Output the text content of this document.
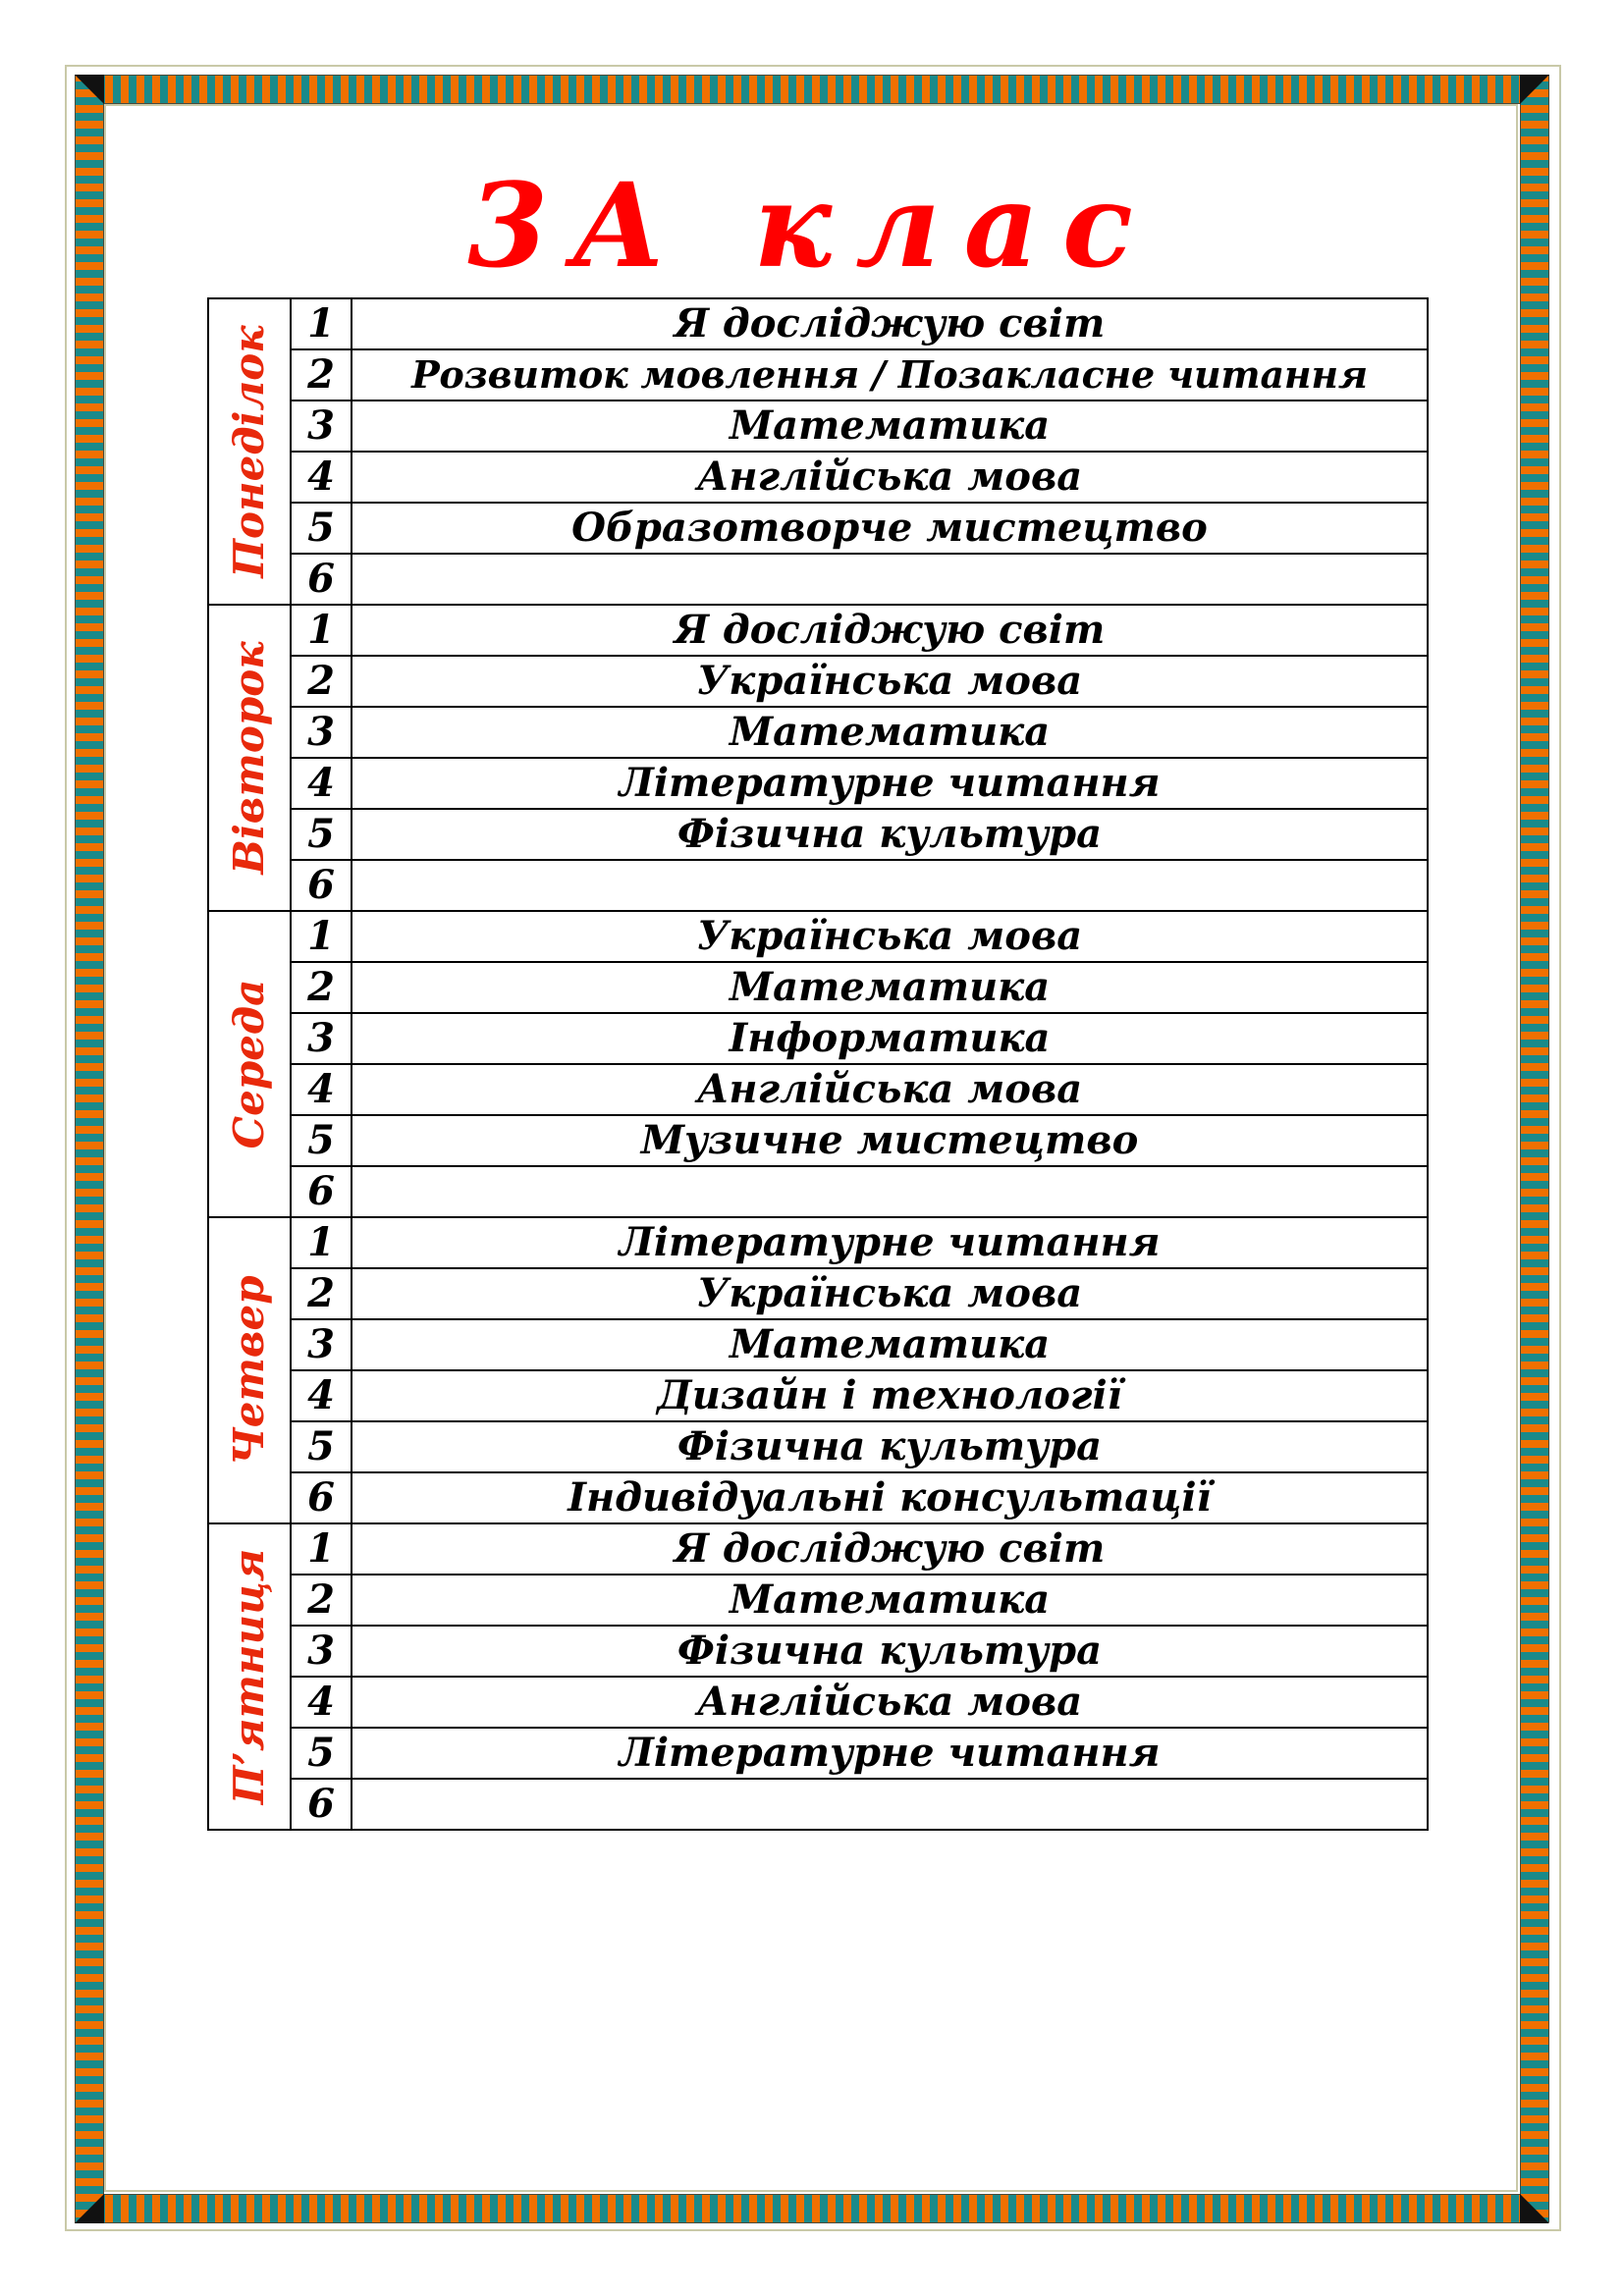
3А клас
Понеділок	1	Я досліджую світ
	2	Розвиток мовлення / Позакласне читання
	3	Математика
	4	Англійська мова
	5	Образотворче мистецтво
	6	

Вівторок	1	Я досліджую світ
	2	Українська мова
	3	Математика
	4	Літературне читання
	5	Фізична культура
	6	

Середа	1	Українська мова
	2	Математика
	3	Інформатика
	4	Англійська мова
	5	Музичне мистецтво
	6	

Четвер	1	Літературне читання
	2	Українська мова
	3	Математика
	4	Дизайн і технології
	5	Фізична культура
	6	Індивідуальні консультації

П’ятниця	1	Я досліджую світ
	2	Математика
	3	Фізична культура
	4	Англійська мова
	5	Літературне читання
	6	
